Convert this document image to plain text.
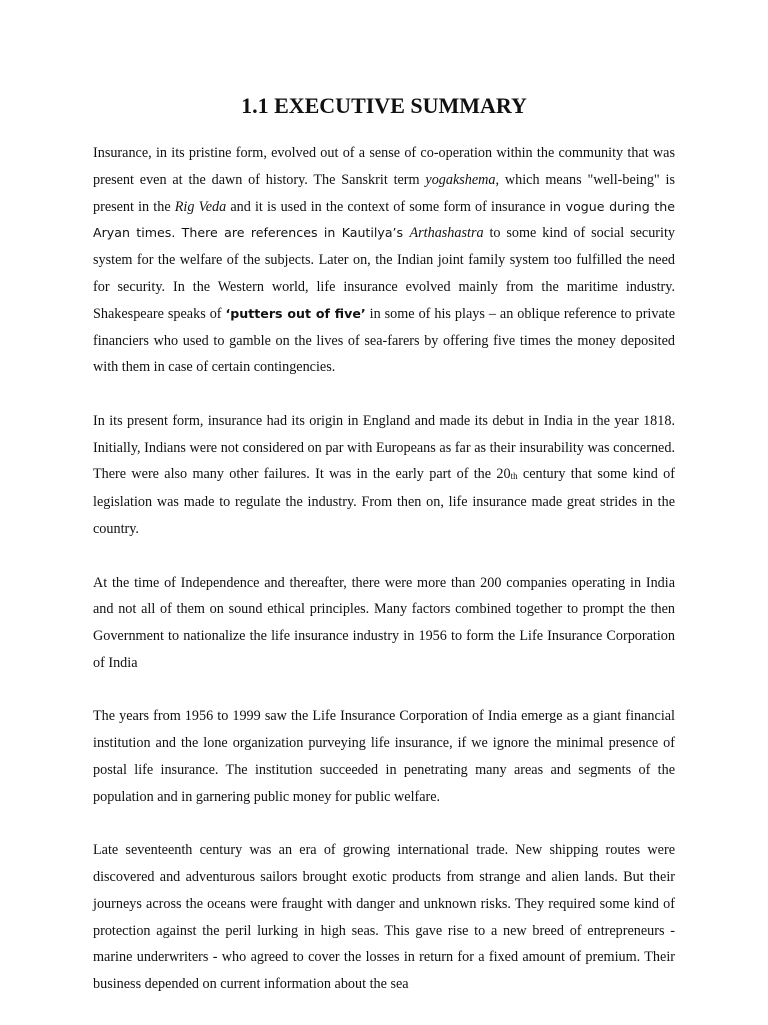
1.1 EXECUTIVE SUMMARY

Insurance, in its pristine form, evolved out of a sense of co-operation within the community that was present even at the dawn of history. The Sanskrit term yogakshema, which means "well-being" is present in the Rig Veda and it is used in the context of some form of insurance in vogue during the Aryan times. There are references in Kautilya’s Arthashastra to some kind of social security system for the welfare of the subjects. Later on, the Indian joint family system too fulfilled the need for security. In the Western world, life insurance evolved mainly from the maritime industry. Shakespeare speaks of ‘putters out of five’ in some of his plays – an oblique reference to private financiers who used to gamble on the lives of sea-farers by offering five times the money deposited with them in case of certain contingencies.

In its present form, insurance had its origin in England and made its debut in India in the year 1818. Initially, Indians were not considered on par with Europeans as far as their insurability was concerned. There were also many other failures. It was in the early part of the 20th century that some kind of legislation was made to regulate the industry. From then on, life insurance made great strides in the country.

At the time of Independence and thereafter, there were more than 200 companies operating in India and not all of them on sound ethical principles. Many factors combined together to prompt the then Government to nationalize the life insurance industry in 1956 to form the Life Insurance Corporation of India

The years from 1956 to 1999 saw the Life Insurance Corporation of India emerge as a giant financial institution and the lone organization purveying life insurance, if we ignore the minimal presence of postal life insurance. The institution succeeded in penetrating many areas and segments of the population and in garnering public money for public welfare.

Late seventeenth century was an era of growing international trade. New shipping routes were discovered and adventurous sailors brought exotic products from strange and alien lands. But their journeys across the oceans were fraught with danger and unknown risks. They required some kind of protection against the peril lurking in high seas. This gave rise to a new breed of entrepreneurs - marine underwriters - who agreed to cover the losses in return for a fixed amount of premium. Their business depended on current information about the sea
